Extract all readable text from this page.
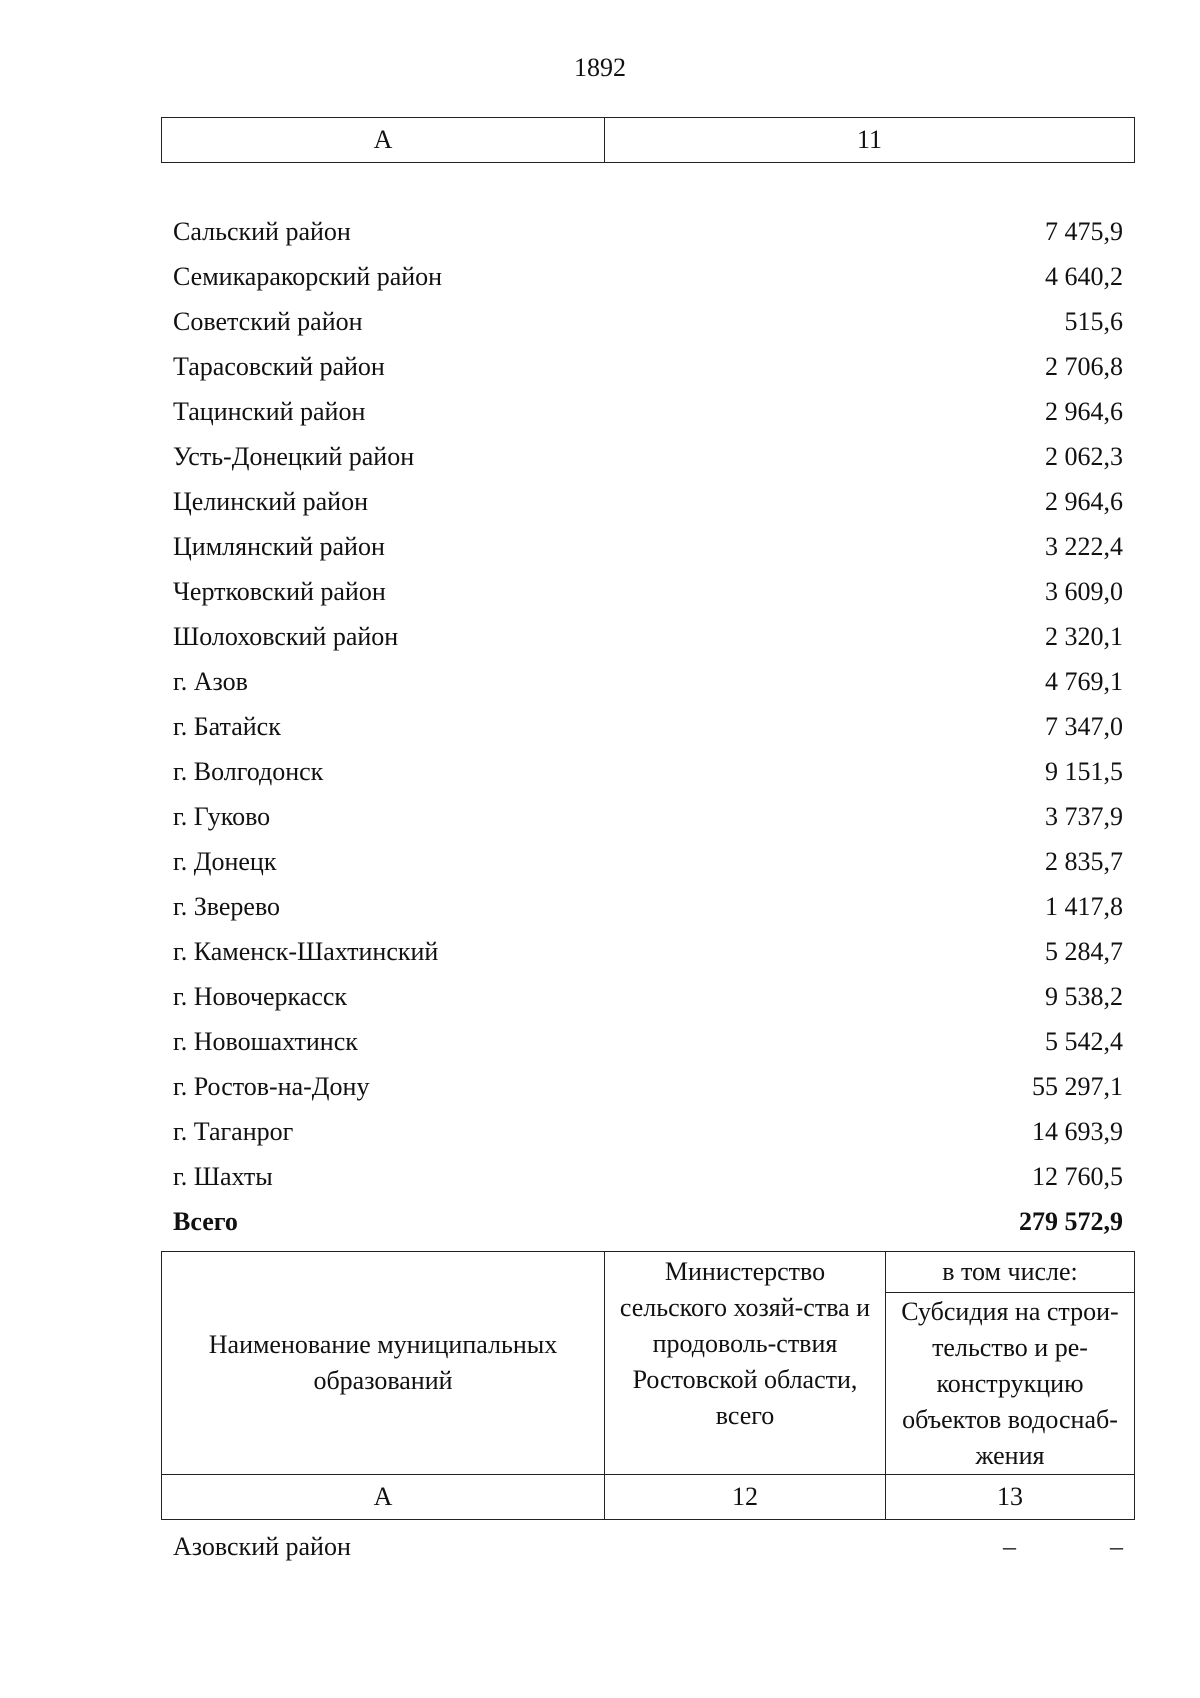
1892
А	11
Сальский район	7 475,9
Семикаракорский район	4 640,2
Советский район	515,6
Тарасовский район	2 706,8
Тацинский район	2 964,6
Усть-Донецкий район	2 062,3
Целинский район	2 964,6
Цимлянский район	3 222,4
Чертковский район	3 609,0
Шолоховский район	2 320,1
г. Азов	4 769,1
г. Батайск	7 347,0
г. Волгодонск	9 151,5
г. Гуково	3 737,9
г. Донецк	2 835,7
г. Зверево	1 417,8
г. Каменск-Шахтинский	5 284,7
г. Новочеркасск	9 538,2
г. Новошахтинск	5 542,4
г. Ростов-на-Дону	55 297,1
г. Таганрог	14 693,9
г. Шахты	12 760,5
Всего	279 572,9
Наименование муниципальных образований	Министерство сельского хозяй-ства и продоволь-ствия Ростовской области, всего	в том числе:
		Субсидия на строи-тельство и ре-конструкцию объектов водоснаб-жения
А	12	13
Азовский район	–	–
